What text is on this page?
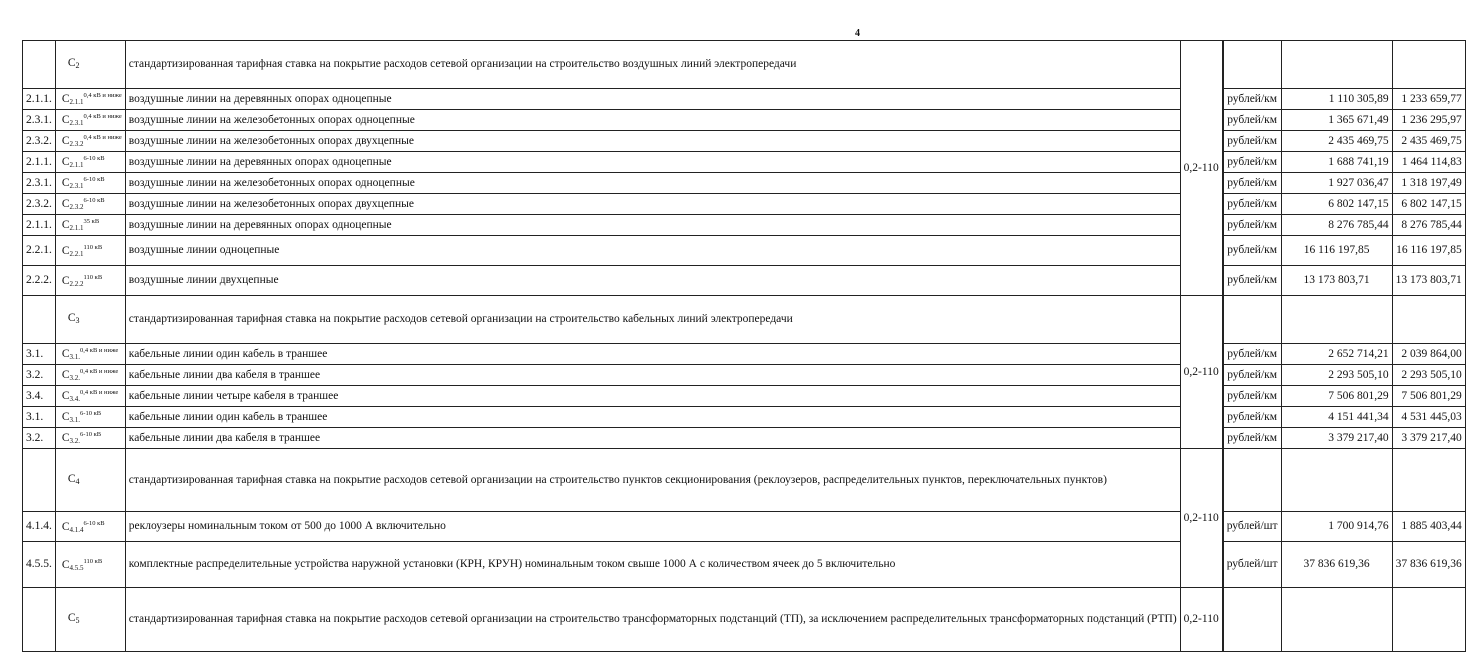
4
	C2	стандартизированная тарифная ставка на покрытие расходов сетевой организации на строительство воздушных линий электропередачи	0,2-110				
2.1.1.	$C_{2.1.1}^{0,4 кВ и ниже}$	воздушные линии на деревянных опорах одноцепные		рублей/км	1 110 305,89	1 233 659,77
2.3.1.	$C_{2.3.1}^{0,4 кВ и ниже}$	воздушные линии на железобетонных опорах одноцепные		рублей/км	1 365 671,49	1 236 295,97
2.3.2.	$C_{2.3.2}^{0,4 кВ и ниже}$	воздушные линии на железобетонных опорах двухцепные		рублей/км	2 435 469,75	2 435 469,75
2.1.1.	$C_{2.1.1}^{6-10 кВ}$	воздушные линии на деревянных опорах одноцепные		рублей/км	1 688 741,19	1 464 114,83
2.3.1.	$C_{2.3.1}^{6-10 кВ}$	воздушные линии на железобетонных опорах одноцепные		рублей/км	1 927 036,47	1 318 197,49
2.3.2.	$C_{2.3.2}^{6-10 кВ}$	воздушные линии на железобетонных опорах двухцепные		рублей/км	6 802 147,15	6 802 147,15
2.1.1.	$C_{2.1.1}^{35 кВ}$	воздушные линии на деревянных опорах одноцепные		рублей/км	8 276 785,44	8 276 785,44
2.2.1.	$C_{2.2.1}^{110 кВ}$	воздушные линии одноцепные		рублей/км	16 116 197,85	16 116 197,85
2.2.2.	$C_{2.2.2}^{110 кВ}$	воздушные линии двухцепные		рублей/км	13 173 803,71	13 173 803,71
	C3	стандартизированная тарифная ставка на покрытие расходов сетевой организации на строительство кабельных линий электропередачи	0,2-110				
3.1.	$C_{3.1.}^{0,4 кВ и ниже}$	кабельные линии один кабель в траншее		рублей/км	2 652 714,21	2 039 864,00
3.2.	$C_{3.2.}^{0,4 кВ и ниже}$	кабельные линии два кабеля в траншее		рублей/км	2 293 505,10	2 293 505,10
3.4.	$C_{3.4.}^{0,4 кВ и ниже}$	кабельные линии четыре кабеля в траншее		рублей/км	7 506 801,29	7 506 801,29
3.1.	$C_{3.1.}^{6-10 кВ}$	кабельные линии один кабель в траншее		рублей/км	4 151 441,34	4 531 445,03
3.2.	$C_{3.2.}^{6-10 кВ}$	кабельные линии два кабеля в траншее		рублей/км	3 379 217,40	3 379 217,40
	C4	стандартизированная тарифная ставка на покрытие расходов сетевой организации на строительство пунктов секционирования (реклоузеров, распределительных пунктов, переключательных пунктов)	0,2-110				
4.1.4.	$C_{4.1.4}^{6-10 кВ}$	реклоузеры номинальным током от 500 до 1000 А включительно		рублей/шт	1 700 914,76	1 885 403,44
4.5.5.	$C_{4.5.5}^{110 кВ}$	комплектные распределительные устройства наружной установки (КРН, КРУН) номинальным током свыше 1000 А с количеством ячеек до 5 включительно		рублей/шт	37 836 619,36	37 836 619,36
	C5	стандартизированная тарифная ставка на покрытие расходов сетевой организации на строительство трансформаторных подстанций (ТП), за исключением распределительных трансформаторных подстанций (РТП)	0,2-110				
